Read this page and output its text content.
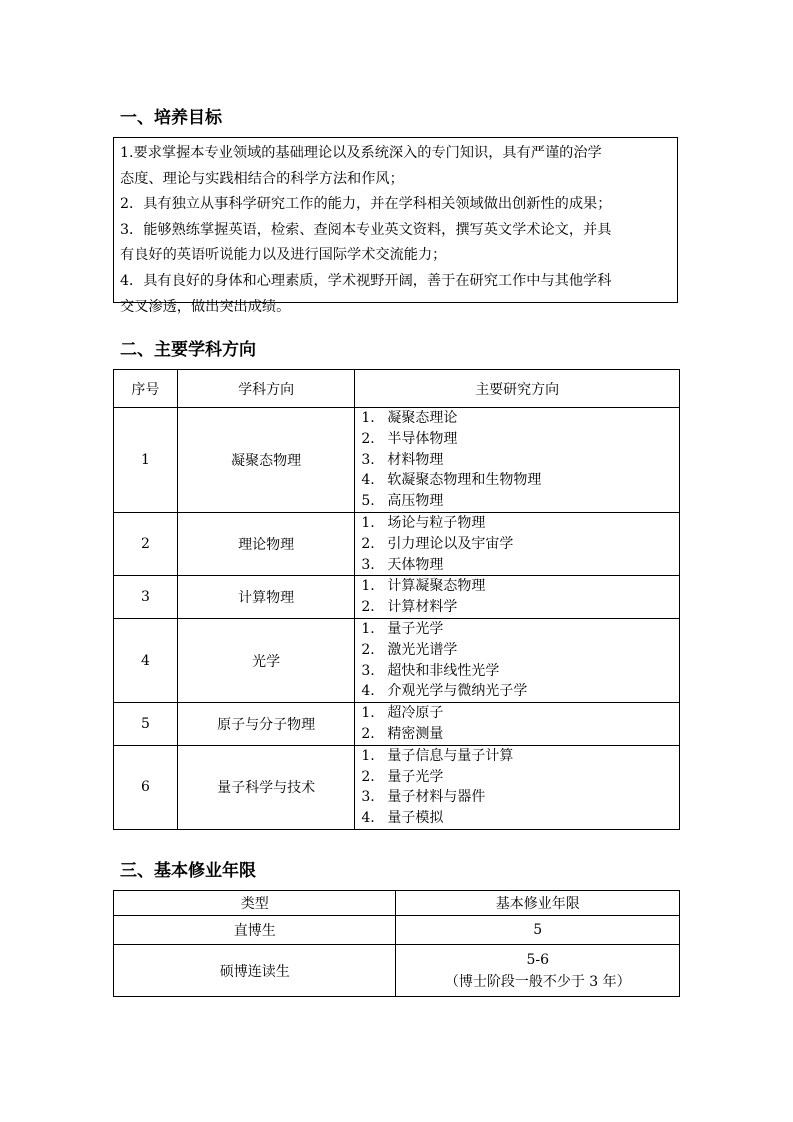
一、培养目标

1.要求掌握本专业领域的基础理论以及系统深入的专门知识，具有严谨的治学

态度、理论与实践相结合的科学方法和作风；

2．具有独立从事科学研究工作的能力，并在学科相关领域做出创新性的成果；

3．能够熟练掌握英语，检索、查阅本专业英文资料，撰写英文学术论文，并具

有良好的英语听说能力以及进行国际学术交流能力；

4．具有良好的身体和心理素质，学术视野开阔，善于在研究工作中与其他学科

交叉渗透，做出突出成绩。

二、主要学科方向
序号	学科方向	主要研究方向
1	凝聚态物理	1. 凝聚态理论
2. 半导体物理
3. 材料物理
4. 软凝聚态物理和生物物理
5. 高压物理

2	理论物理	1. 场论与粒子物理
2. 引力理论以及宇宙学
3. 天体物理

3	计算物理	1. 计算凝聚态物理
2. 计算材料学

4	光学	1. 量子光学
2. 激光光谱学
3. 超快和非线性光学
4. 介观光学与微纳光子学

5	原子与分子物理	1. 超冷原子
2. 精密测量

6	量子科学与技术	1. 量子信息与量子计算
2. 量子光学
3. 量子材料与器件
4. 量子模拟
三、基本修业年限
类型	基本修业年限
直博生	5
硕博连读生	5-6
（博士阶段一般不少于 3 年）
